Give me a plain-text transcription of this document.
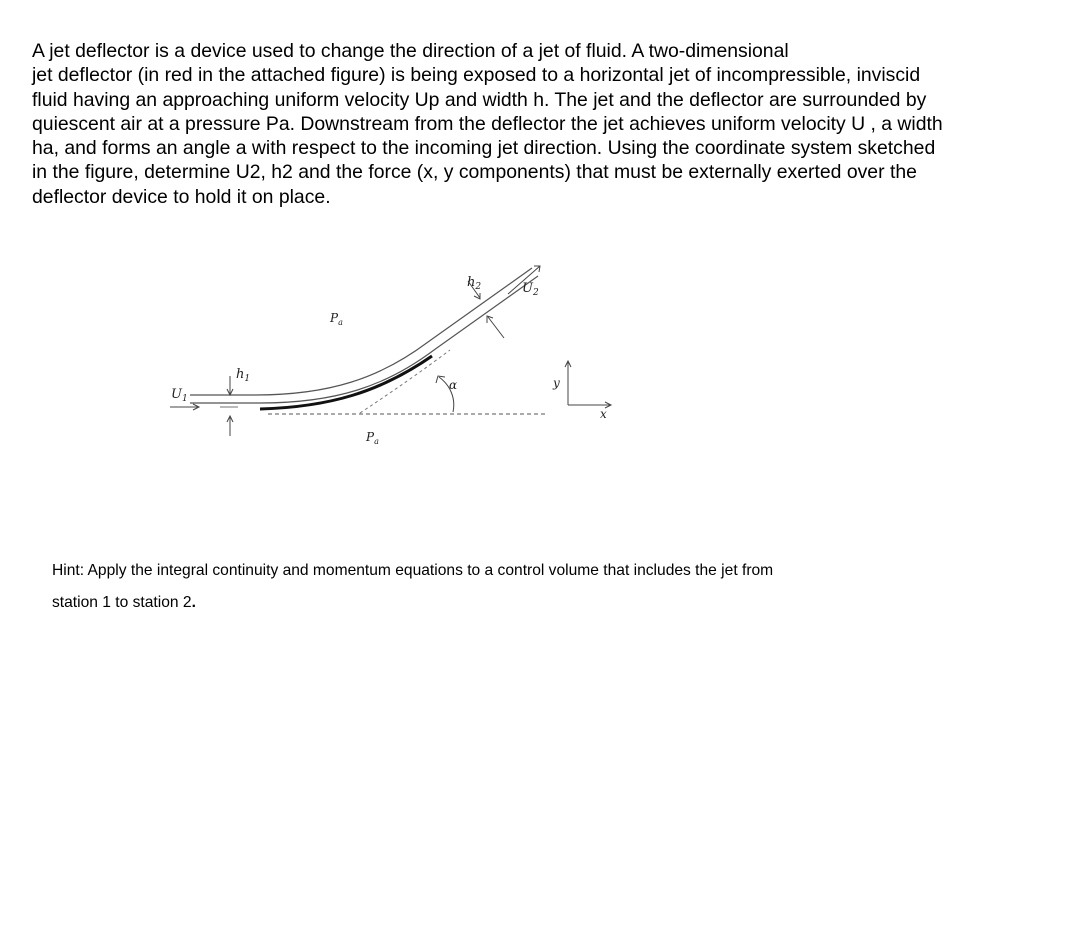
A jet deflector is a device used to change the direction of a jet of fluid. A two-dimensional
jet deflector (in red in the attached figure) is being exposed to a horizontal jet of incompressible, inviscid
fluid having an approaching uniform velocity Up and width h. The jet and the deflector are surrounded by
quiescent air at a pressure Pa. Downstream from the deflector the jet achieves uniform velocity U , a width
ha, and forms an angle a with respect to the incoming jet direction. Using the coordinate system sketched
in the figure, determine U2, h2 and the force (x, y components) that must be externally exerted over the
deflector device to hold it on place.
$U_1$
$h_1$
$P_a$
$P_a$
α
$h_2$	$U_2$
y
x
Hint: Apply the integral continuity and momentum equations to a control volume that includes the jet from
station 1 to station 2.
